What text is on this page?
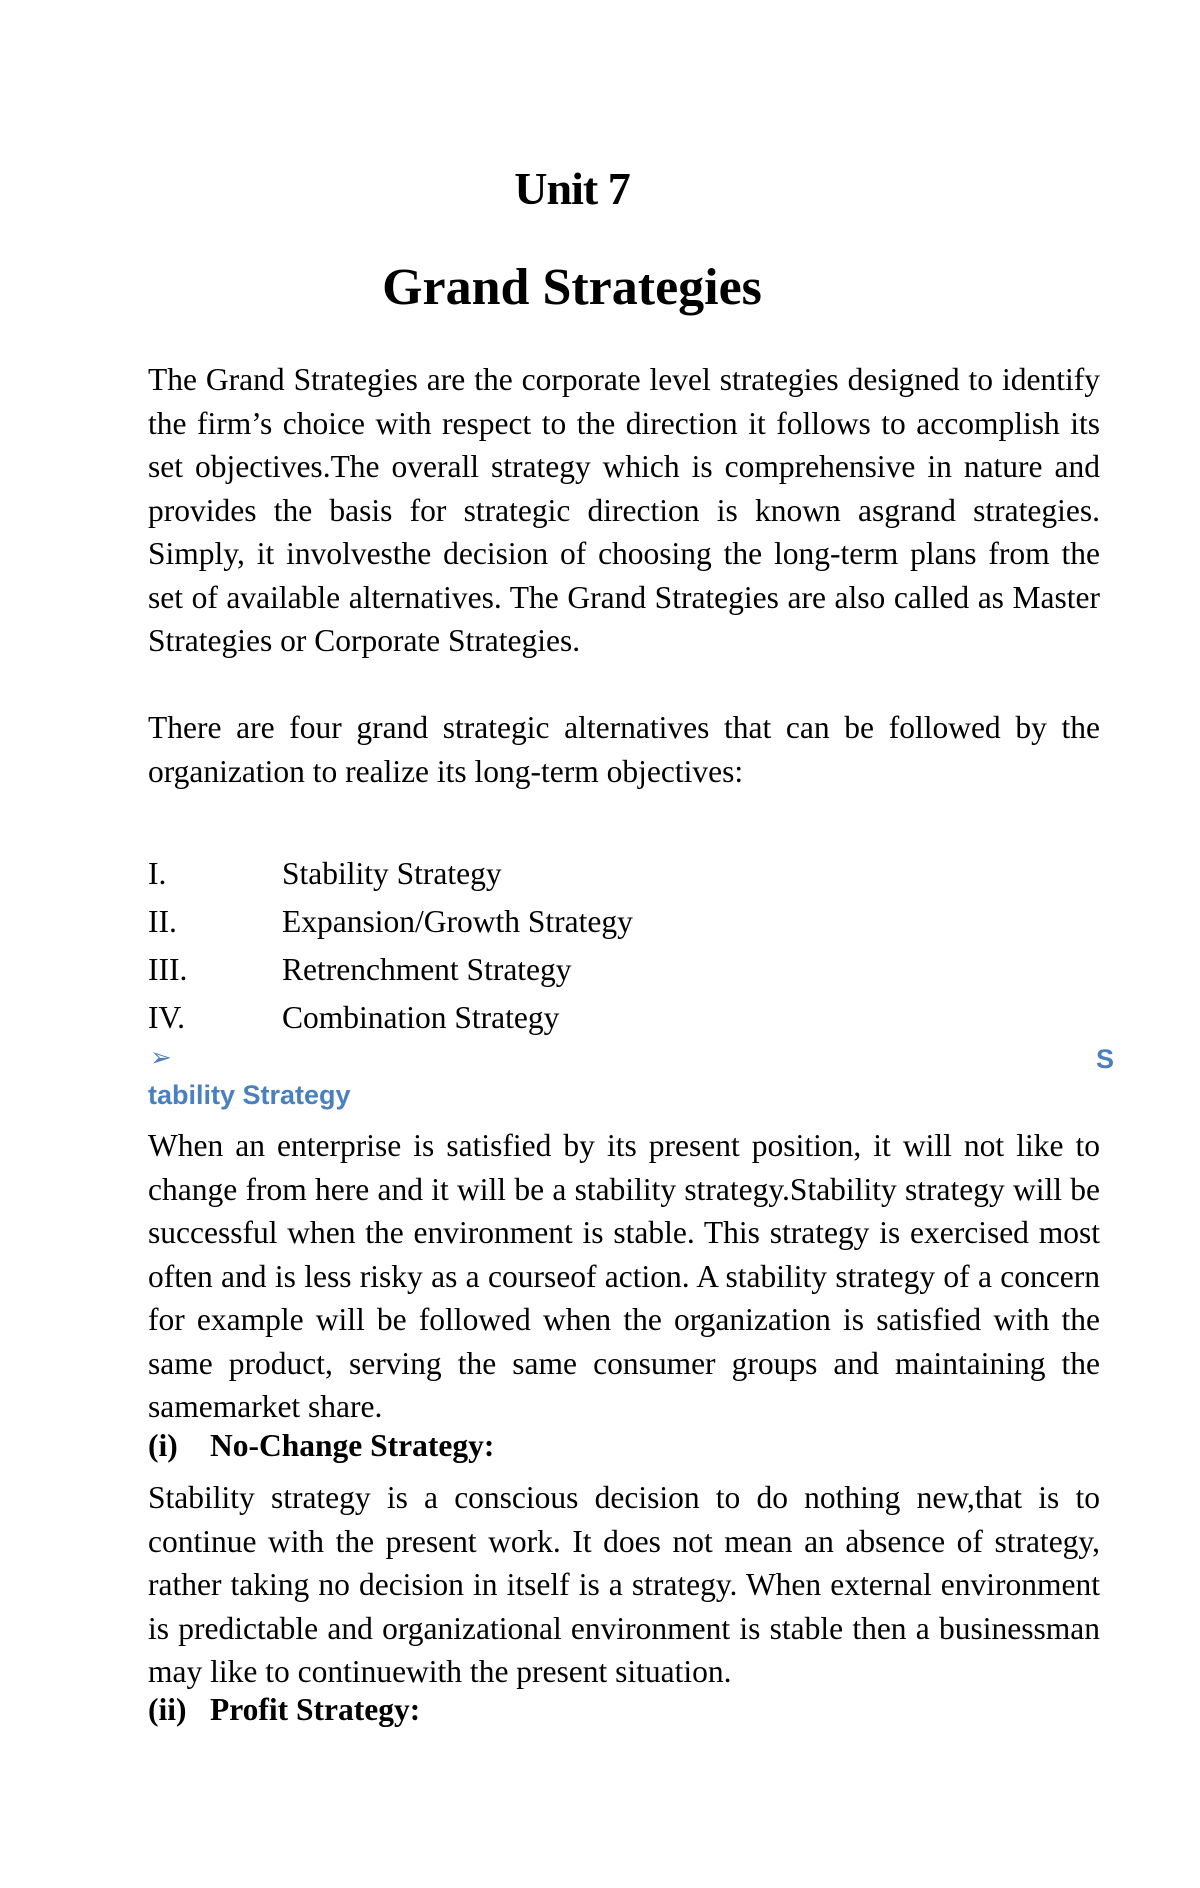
Unit 7
Grand Strategies

The Grand Strategies are the corporate level strategies designed to identify the firm’s choice with respect to the direction it follows to accomplish its set objectives.The overall strategy which is comprehensive in nature and provides the basis for strategic direction is known asgrand strategies. Simply, it involvesthe decision of choosing the long-term plans from the set of available alternatives. The Grand Strategies are also called as Master Strategies or Corporate Strategies.

There are four grand strategic alternatives that can be followed by the organization to realize its long-term objectives:

I.	Stability Strategy
II.	Expansion/Growth Strategy
III.	Retrenchment Strategy
IV.	Combination Strategy
➢	S
tability Strategy

When an enterprise is satisfied by its present position, it will not like to change from here and it will be a stability strategy.Stability strategy will be successful when the environment is stable. This strategy is exercised most often and is less risky as a courseof action. A stability strategy of a concern for example will be followed when the organization is satisfied with the same product, serving the same consumer groups and maintaining the samemarket share.

(i) No-Change Strategy:

Stability strategy is a conscious decision to do nothing new,that is to continue with the present work. It does not mean an absence of strategy, rather taking no decision in itself is a strategy. When external environment is predictable and organizational environment is stable then a businessman may like to continuewith the present situation.

(ii) Profit Strategy:
